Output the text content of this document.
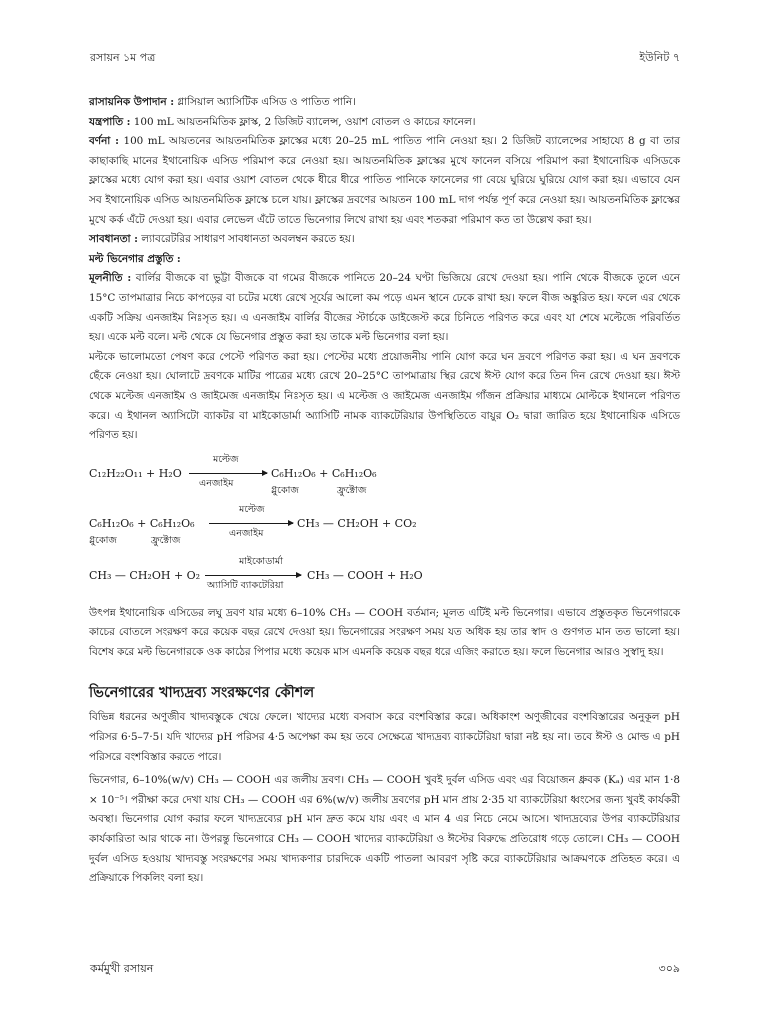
রসায়ন ১ম পত্র	ইউনিট ৭

রাসায়নিক উপাদান : গ্লাসিয়াল অ্যাসিটিক এসিড ও পাতিত পানি।

যন্ত্রপাতি : 100 mL আয়তনমিতিক ফ্লাস্ক, 2 ডিজিট ব্যালেন্স, ওয়াশ বোতল ও কাচের ফানেল।

বর্ণনা : 100 mL আয়তনের আয়তনমিতিক ফ্লাস্কের মধ্যে 20–25 mL পাতিত পানি নেওয়া হয়। 2 ডিজিট ব্যালেন্সের সাহায্যে 8 g বা তার কাছাকাছি মানের ইথানোয়িক এসিড পরিমাপ করে নেওয়া হয়। আয়তনমিতিক ফ্লাস্কের মুখে ফানেল বসিয়ে পরিমাপ করা ইথানোয়িক এসিডকে ফ্লাস্কের মধ্যে যোগ করা হয়। এবার ওয়াশ বোতল থেকে ধীরে ধীরে পাতিত পানিকে ফানেলের গা বেয়ে ঘুরিয়ে ঘুরিয়ে যোগ করা হয়। এভাবে যেন সব ইথানোয়িক এসিড আয়তনমিতিক ফ্লাস্কে চলে যায়। ফ্লাস্কের দ্রবণের আয়তন 100 mL দাগ পর্যন্ত পূর্ণ করে নেওয়া হয়। আয়তনমিতিক ফ্লাস্কের মুখে কর্ক এঁটে দেওয়া হয়। এবার লেভেল এঁটে তাতে ভিনেগার লিখে রাখা হয় এবং শতকরা পরিমাণ কত তা উল্লেখ করা হয়।

সাবধানতা : ল্যাবরেটরির সাধারণ সাবধানতা অবলম্বন করতে হয়।

মল্ট ভিনেগার প্রস্তুতি :

মূলনীতি : বার্লির বীজকে বা ভুট্টা বীজকে বা গমের বীজকে পানিতে 20–24 ঘণ্টা ভিজিয়ে রেখে দেওয়া হয়। পানি থেকে বীজকে তুলে এনে 15°C তাপমাত্রার নিচে কাপড়ের বা চটের মধ্যে রেখে সূর্যের আলো কম পড়ে এমন স্থানে ঢেকে রাখা হয়। ফলে বীজ অঙ্কুরিত হয়। ফলে এর থেকে একটি সক্রিয় এনজাইম নিঃসৃত হয়। এ এনজাইম বার্লির বীজের স্টার্চকে ডাইজেস্ট করে চিনিতে পরিণত করে এবং যা শেষে মল্টেজে পরিবর্তিত হয়। একে মল্ট বলে। মল্ট থেকে যে ভিনেগার প্রস্তুত করা হয় তাকে মল্ট ভিনেগার বলা হয়।

মল্টকে ভালোমতো পেষণ করে পেস্টে পরিণত করা হয়। পেস্টের মধ্যে প্রয়োজনীয় পানি যোগ করে ঘন দ্রবণে পরিণত করা হয়। এ ঘন দ্রবণকে ছেঁকে নেওয়া হয়। ঘোলাটে দ্রবণকে মাটির পাত্রের মধ্যে রেখে 20–25°C তাপমাত্রায় স্থির রেখে ঈস্ট যোগ করে তিন দিন রেখে দেওয়া হয়। ঈস্ট থেকে মল্টেজ এনজাইম ও জাইমেজ এনজাইম নিঃসৃত হয়। এ মল্টেজ ও জাইমেজ এনজাইম গাঁজন প্রক্রিয়ার মাধ্যমে মোল্টকে ইথানলে পরিণত করে। এ ইথানল অ্যাসিটো ব্যাকটর বা মাইকোডার্মা অ্যাসিটি নামক ব্যাকটেরিয়ার উপস্থিতিতে বায়ুর O₂ দ্বারা জারিত হয়ে ইথানোয়িক এসিডে পরিণত হয়।

C₁₂H₂₂O₁₁ + H₂O
মল্টেজ
এনজাইম
C₆H₁₂O₆ + C₆H₁₂O₆
গ্লুকোজ	ফ্রুক্টোজ
C₆H₁₂O₆ + C₆H₁₂O₆
মল্টেজ
এনজাইম
CH₃ — CH₂OH + CO₂
গ্লুকোজ	ফ্রুক্টোজ
CH₃ — CH₂OH + O₂
মাইকোডার্মা
অ্যাসিটি ব্যাকটেরিয়া
CH₃ — COOH + H₂O

উৎপন্ন ইথানোয়িক এসিডের লঘু দ্রবণ যার মধ্যে 6–10% CH₃ — COOH বর্তমান; মূলত এটিই মল্ট ভিনেগার। এভাবে প্রস্তুতকৃত ভিনেগারকে কাচের বোতলে সংরক্ষণ করে কয়েক বছর রেখে দেওয়া হয়। ভিনেগারের সংরক্ষণ সময় যত অধিক হয় তার স্বাদ ও গুণগত মান তত ভালো হয়। বিশেষ করে মল্ট ভিনেগারকে ওক কাঠের পিপার মধ্যে কয়েক মাস এমনকি কয়েক বছর ধরে এজিং করাতে হয়। ফলে ভিনেগার আরও সুস্বাদু হয়।

ভিনেগারের খাদ্যদ্রব্য সংরক্ষণের কৌশল

বিভিন্ন ধরনের অণুজীব খাদ্যবস্তুকে খেয়ে ফেলে। খাদ্যের মধ্যে বসবাস করে বংশবিস্তার করে। অধিকাংশ অণুজীবের বংশবিস্তারের অনুকূল pH পরিসর 6·5–7·5। যদি খাদ্যের pH পরিসর 4·5 অপেক্ষা কম হয় তবে সেক্ষেত্রে খাদ্যদ্রব্য ব্যাকটেরিয়া দ্বারা নষ্ট হয় না। তবে ঈস্ট ও মোল্ড এ pH পরিসরে বংশবিস্তার করতে পারে।

ভিনেগার, 6–10%(w/v) CH₃ — COOH এর জলীয় দ্রবণ। CH₃ — COOH খুবই দুর্বল এসিড এবং এর বিয়োজন ধ্রুবক (Kₐ) এর মান 1·8 × 10⁻⁵। পরীক্ষা করে দেখা যায় CH₃ — COOH এর 6%(w/v) জলীয় দ্রবণের pH মান প্রায় 2·35 যা ব্যাকটেরিয়া ধ্বংসের জন্য খুবই কার্যকরী অবস্থা। ভিনেগার যোগ করার ফলে খাদ্যদ্রব্যের pH মান দ্রুত কমে যায় এবং এ মান 4 এর নিচে নেমে আসে। খাদ্যদ্রব্যের উপর ব্যাকটেরিয়ার কার্যকারিতা আর থাকে না। উপরন্তু ভিনেগারে CH₃ — COOH খাদ্যের ব্যাকটেরিয়া ও ঈস্টের বিরুদ্ধে প্রতিরোধ গড়ে তোলে। CH₃ — COOH দুর্বল এসিড হওয়ায় খাদ্যবস্তু সংরক্ষণের সময় খাদ্যকণার চারদিকে একটি পাতলা আবরণ সৃষ্টি করে ব্যাকটেরিয়ার আক্রমণকে প্রতিহত করে। এ প্রক্রিয়াকে পিকলিং বলা হয়।

কর্মমুখী রসায়ন	৩০৯
